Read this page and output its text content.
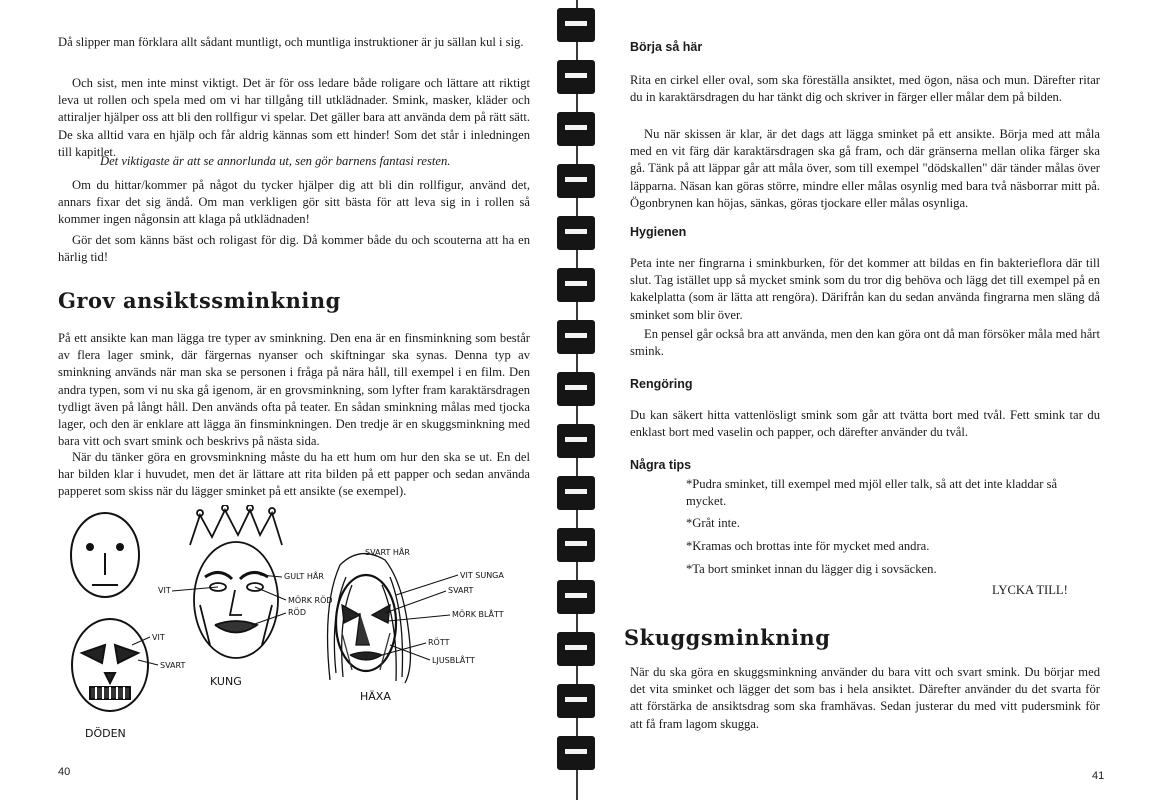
Då slipper man förklara allt sådant muntligt, och muntliga instruktioner är ju sällan kul i sig.

Och sist, men inte minst viktigt. Det är för oss ledare både roligare och lättare att riktigt leva ut rollen och spela med om vi har tillgång till utklädnader. Smink, masker, kläder och attiraljer hjälper oss att bli den rollfigur vi spelar. Det gäller bara att använda dem på rätt sätt. De ska alltid vara en hjälp och får aldrig kännas som ett hinder! Som det står i inledningen till kapitlet.

Det viktigaste är att se annorlunda ut, sen gör barnens fantasi resten.

Om du hittar/kommer på något du tycker hjälper dig att bli din rollfigur, använd det, annars fixar det sig ändå. Om man verkligen gör sitt bästa för att leva sig in i rollen så kommer ingen någonsin att klaga på utklädnaden!

Gör det som känns bäst och roligast för dig. Då kommer både du och scouterna att ha en härlig tid!

Grov ansiktssminkning

På ett ansikte kan man lägga tre typer av sminkning. Den ena är en finsminkning som består av flera lager smink, där färgernas nyanser och skiftningar ska synas. Denna typ av sminkning används när man ska se personen i fråga på nära håll, till exempel i en film. Den andra typen, som vi nu ska gå igenom, är en grovsminkning, som lyfter fram karaktärsdragen tydligt även på långt håll. Den används ofta på teater. En sådan sminkning målas med tjocka lager, och den är enklare att lägga än finsminkningen. Den tredje är en skuggsminkning med bara vitt och svart smink och beskrivs på nästa sida.

När du tänker göra en grovsminkning måste du ha ett hum om hur den ska se ut. En del har bilden klar i huvudet, men det är lättare att rita bilden på ett papper och sedan använda papperet som skiss när du lägger sminket på ett ansikte (se exempel).

40
DÖDEN
VIT
SVART
KUNG
VIT
GULT HÅR
MÖRK RÖD
RÖD
HÄXA
SVART HÅR
VIT SUNGA
SVART
MÖRK BLÅTT
RÖTT
LJUSBLÅTT
Börja så här

Rita en cirkel eller oval, som ska föreställa ansiktet, med ögon, näsa och mun. Därefter ritar du in karaktärsdragen du har tänkt dig och skriver in färger eller målar dem på bilden.

Nu när skissen är klar, är det dags att lägga sminket på ett ansikte. Börja med att måla med en vit färg där karaktärsdragen ska gå fram, och där gränserna mellan olika färger ska gå. Tänk på att läppar går att måla över, som till exempel "dödskallen" där tänder målas över läpparna. Näsan kan göras större, mindre eller målas osynlig med bara två näsborrar mitt på. Ögonbrynen kan höjas, sänkas, göras tjockare eller målas osynliga.

Hygienen

Peta inte ner fingrarna i sminkburken, för det kommer att bildas en fin bakterieflora där till slut. Tag istället upp så mycket smink som du tror dig behöva och lägg det till exempel på en kakelplatta (som är lätta att rengöra). Därifrån kan du sedan använda fingrarna men släng då sminket som blir över.

En pensel går också bra att använda, men den kan göra ont då man försöker måla med hårt smink.

Rengöring

Du kan säkert hitta vattenlösligt smink som går att tvätta bort med tvål. Fett smink tar du enklast bort med vaselin och papper, och därefter använder du tvål.

Några tips

*Pudra sminket, till exempel med mjöl eller talk, så att det inte kladdar så mycket.

*Gråt inte.

*Kramas och brottas inte för mycket med andra.

*Ta bort sminket innan du lägger dig i sovsäcken.

LYCKA TILL!

Skuggsminkning

När du ska göra en skuggsminkning använder du bara vitt och svart smink. Du börjar med det vita sminket och lägger det som bas i hela ansiktet. Därefter använder du det svarta för att förstärka de ansiktsdrag som ska framhävas. Sedan justerar du med vitt pudersmink för att få fram lagom skugga.

41
